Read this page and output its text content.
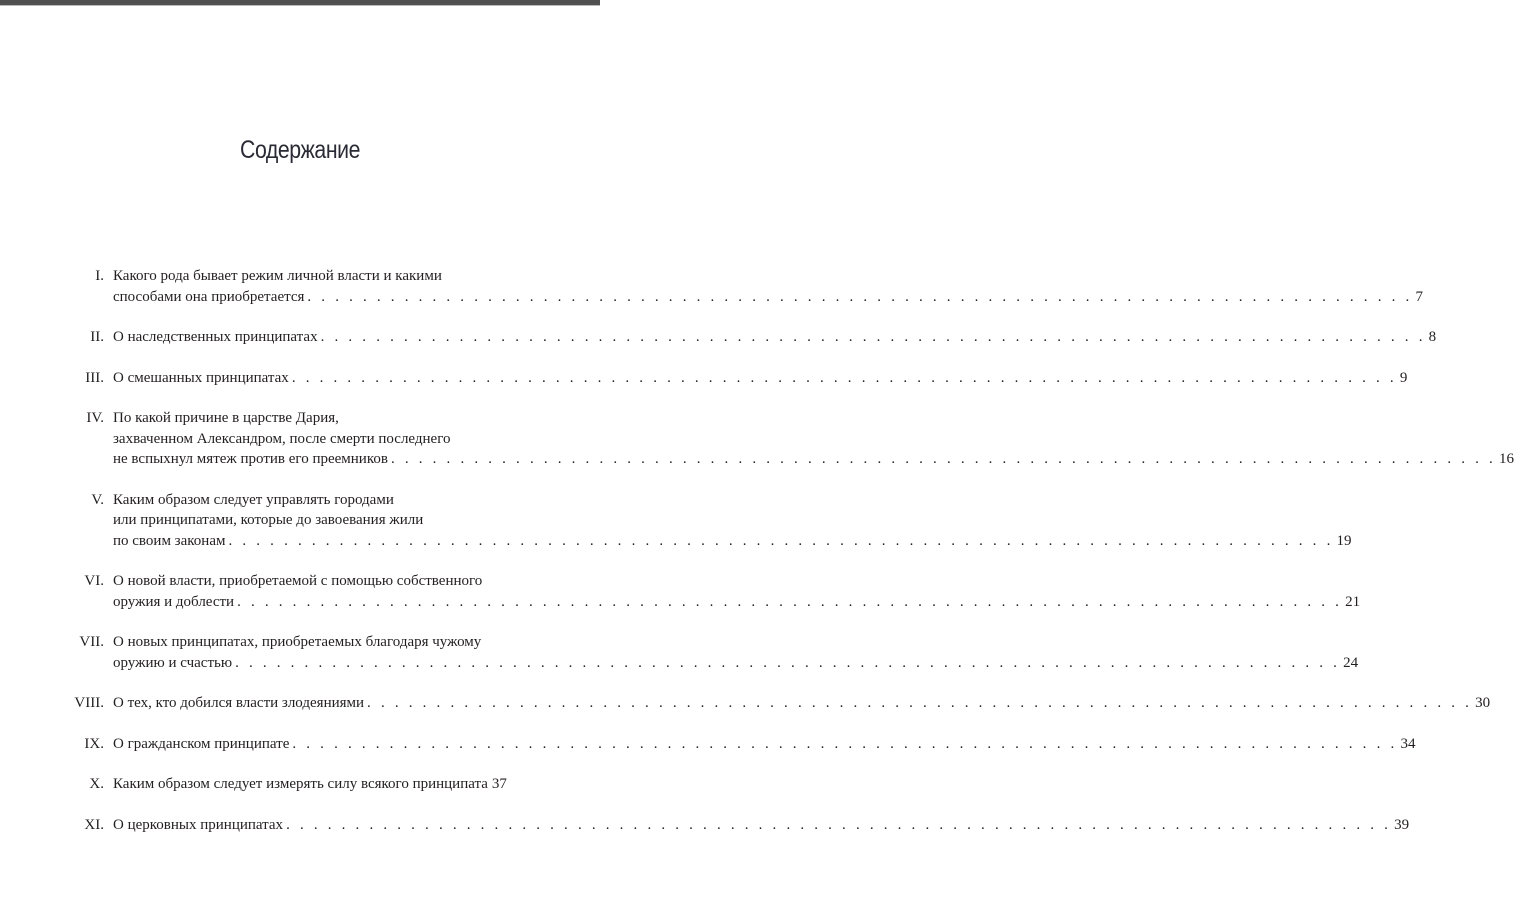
Содержание
I. Какого рода бывает режим личной власти и какими
способами она приобретается . . . . . . . . . . . . . . . . . . . . . . . . . . . . . . . . . . . . . . . . . . . . . . . . . . . . . . . . . . . . . . . . . . . . . . . . . . . . . . . . 7
II. О наследственных принципатах . . . . . . . . . . . . . . . . . . . . . . . . . . . . . . . . . . . . . . . . . . . . . . . . . . . . . . . . . . . . . . . . . . . . . . . . . . . . . . . . 8
III. О смешанных принципатах . . . . . . . . . . . . . . . . . . . . . . . . . . . . . . . . . . . . . . . . . . . . . . . . . . . . . . . . . . . . . . . . . . . . . . . . . . . . . . . . 9
IV. По какой причине в царстве Дария,
захваченном Александром, после смерти последнего
не вспыхнул мятеж против его преемников . . . . . . . . . . . . . . . . . . . . . . . . . . . . . . . . . . . . . . . . . . . . . . . . . . . . . . . . . . . . . . . . . . . . . . . . . . . . . . . . 16
V. Каким образом следует управлять городами
или принципатами, которые до завоевания жили
по своим законам . . . . . . . . . . . . . . . . . . . . . . . . . . . . . . . . . . . . . . . . . . . . . . . . . . . . . . . . . . . . . . . . . . . . . . . . . . . . . . . . 19
VI. О новой власти, приобретаемой с помощью собственного
оружия и доблести . . . . . . . . . . . . . . . . . . . . . . . . . . . . . . . . . . . . . . . . . . . . . . . . . . . . . . . . . . . . . . . . . . . . . . . . . . . . . . . . 21
VII. О новых принципатах, приобретаемых благодаря чужому
оружию и счастью . . . . . . . . . . . . . . . . . . . . . . . . . . . . . . . . . . . . . . . . . . . . . . . . . . . . . . . . . . . . . . . . . . . . . . . . . . . . . . . . 24
VIII. О тех, кто добился власти злодеяниями . . . . . . . . . . . . . . . . . . . . . . . . . . . . . . . . . . . . . . . . . . . . . . . . . . . . . . . . . . . . . . . . . . . . . . . . . . . . . . . . 30
IX. О гражданском принципате . . . . . . . . . . . . . . . . . . . . . . . . . . . . . . . . . . . . . . . . . . . . . . . . . . . . . . . . . . . . . . . . . . . . . . . . . . . . . . . . 34
X. Каким образом следует измерять силу всякого принципата 37
XI. О церковных принципатах . . . . . . . . . . . . . . . . . . . . . . . . . . . . . . . . . . . . . . . . . . . . . . . . . . . . . . . . . . . . . . . . . . . . . . . . . . . . . . . . 39
